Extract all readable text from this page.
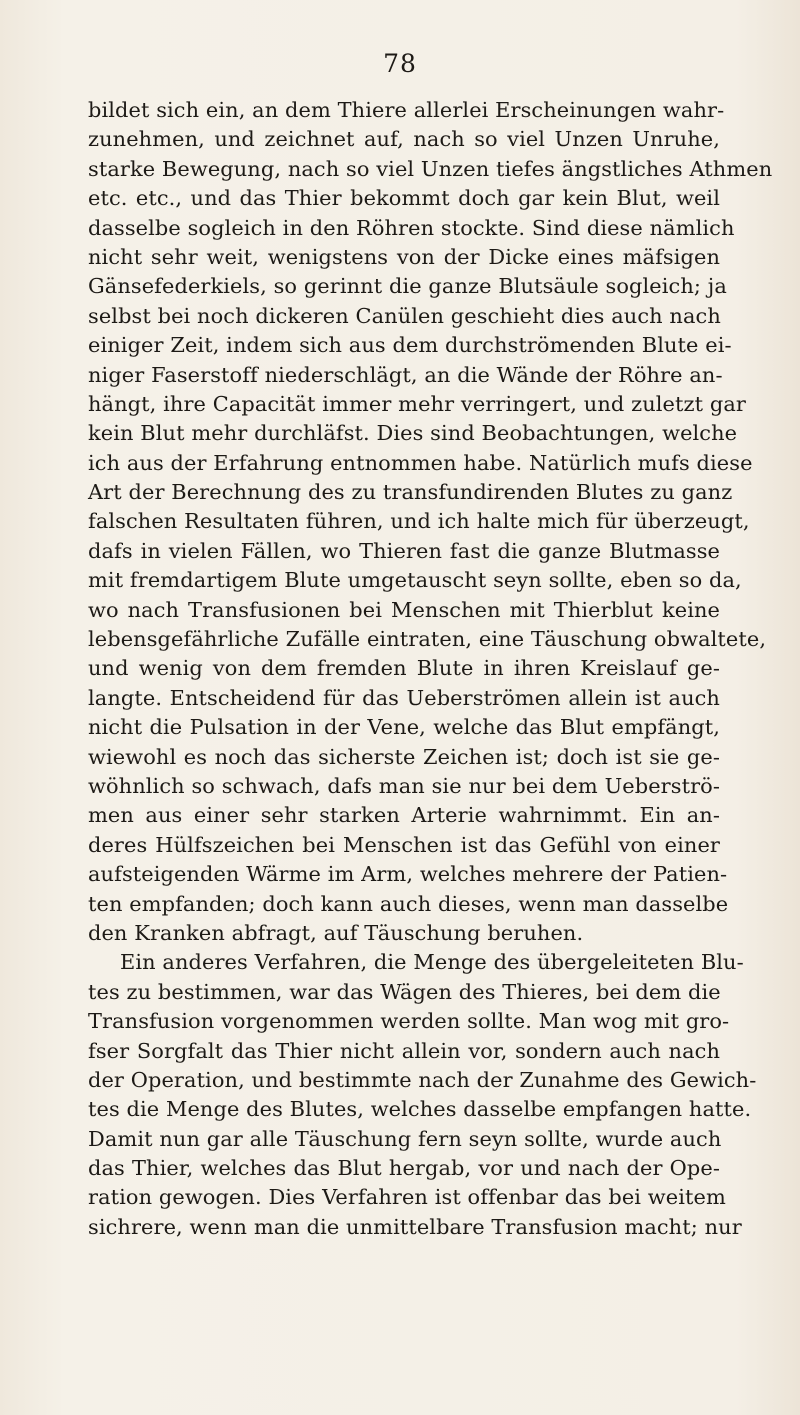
78
bildet sich ein, an dem Thiere allerlei Erscheinungen wahr-
zunehmen, und zeichnet auf, nach so viel Unzen Unruhe,
starke Bewegung, nach so viel Unzen tiefes ängstliches Athmen
etc. etc., und das Thier bekommt doch gar kein Blut, weil
dasselbe sogleich in den Röhren stockte. Sind diese nämlich
nicht sehr weit, wenigstens von der Dicke eines mäfsigen
Gänsefederkiels, so gerinnt die ganze Blutsäule sogleich; ja
selbst bei noch dickeren Canülen geschieht dies auch nach
einiger Zeit, indem sich aus dem durchströmenden Blute ei-
niger Faserstoff niederschlägt, an die Wände der Röhre an-
hängt, ihre Capacität immer mehr verringert, und zuletzt gar
kein Blut mehr durchläfst. Dies sind Beobachtungen, welche
ich aus der Erfahrung entnommen habe. Natürlich mufs diese
Art der Berechnung des zu transfundirenden Blutes zu ganz
falschen Resultaten führen, und ich halte mich für überzeugt,
dafs in vielen Fällen, wo Thieren fast die ganze Blutmasse
mit fremdartigem Blute umgetauscht seyn sollte, eben so da,
wo nach Transfusionen bei Menschen mit Thierblut keine
lebensgefährliche Zufälle eintraten, eine Täuschung obwaltete,
und wenig von dem fremden Blute in ihren Kreislauf ge-
langte. Entscheidend für das Ueberströmen allein ist auch
nicht die Pulsation in der Vene, welche das Blut empfängt,
wiewohl es noch das sicherste Zeichen ist; doch ist sie ge-
wöhnlich so schwach, dafs man sie nur bei dem Ueberströ-
men aus einer sehr starken Arterie wahrnimmt. Ein an-
deres Hülfszeichen bei Menschen ist das Gefühl von einer
aufsteigenden Wärme im Arm, welches mehrere der Patien-
ten empfanden; doch kann auch dieses, wenn man dasselbe
den Kranken abfragt, auf Täuschung beruhen.
Ein anderes Verfahren, die Menge des übergeleiteten Blu-
tes zu bestimmen, war das Wägen des Thieres, bei dem die
Transfusion vorgenommen werden sollte. Man wog mit gro-
fser Sorgfalt das Thier nicht allein vor, sondern auch nach
der Operation, und bestimmte nach der Zunahme des Gewich-
tes die Menge des Blutes, welches dasselbe empfangen hatte.
Damit nun gar alle Täuschung fern seyn sollte, wurde auch
das Thier, welches das Blut hergab, vor und nach der Ope-
ration gewogen. Dies Verfahren ist offenbar das bei weitem
sichrere, wenn man die unmittelbare Transfusion macht; nur
